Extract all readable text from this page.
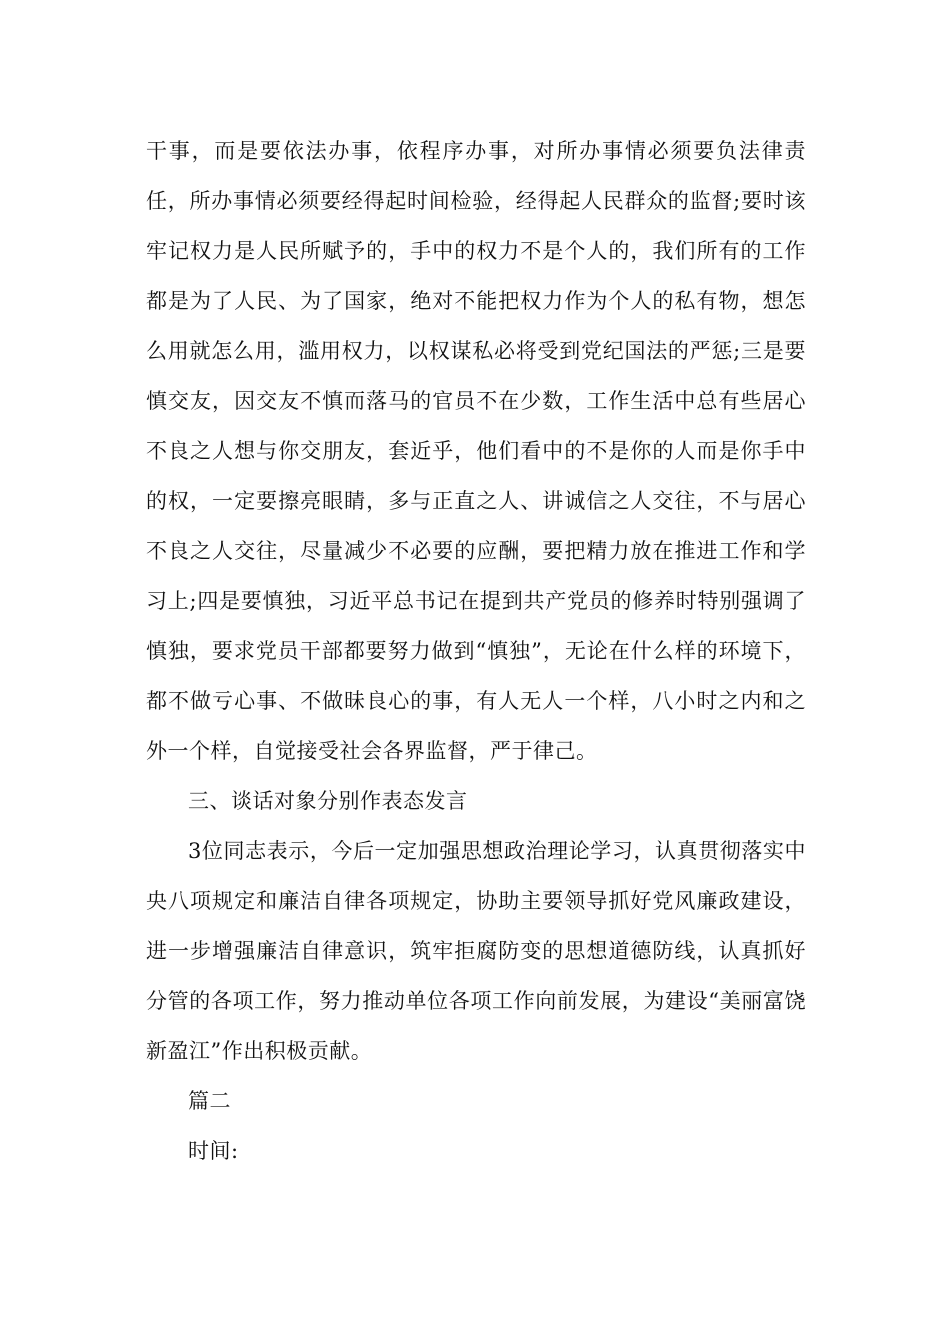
干事，而是要依法办事，依程序办事，对所办事情必须要负法律责任，所办事情必须要经得起时间检验，经得起人民群众的监督;要时该牢记权力是人民所赋予的，手中的权力不是个人的，我们所有的工作都是为了人民、为了国家，绝对不能把权力作为个人的私有物，想怎么用就怎么用，滥用权力，以权谋私必将受到党纪国法的严惩;三是要慎交友，因交友不慎而落马的官员不在少数，工作生活中总有些居心不良之人想与你交朋友，套近乎，他们看中的不是你的人而是你手中的权，一定要擦亮眼睛，多与正直之人、讲诚信之人交往，不与居心不良之人交往，尽量减少不必要的应酬，要把精力放在推进工作和学习上;四是要慎独，习近平总书记在提到共产党员的修养时特别强调了慎独，要求党员干部都要努力做到“慎独”，无论在什么样的环境下，都不做亏心事、不做昧良心的事，有人无人一个样，八小时之内和之外一个样，自觉接受社会各界监督，严于律己。

三、谈话对象分别作表态发言

3位同志表示，今后一定加强思想政治理论学习，认真贯彻落实中央八项规定和廉洁自律各项规定，协助主要领导抓好党风廉政建设，进一步增强廉洁自律意识，筑牢拒腐防变的思想道德防线，认真抓好分管的各项工作，努力推动单位各项工作向前发展，为建设“美丽富饶新盈江”作出积极贡献。

篇二

时间:
